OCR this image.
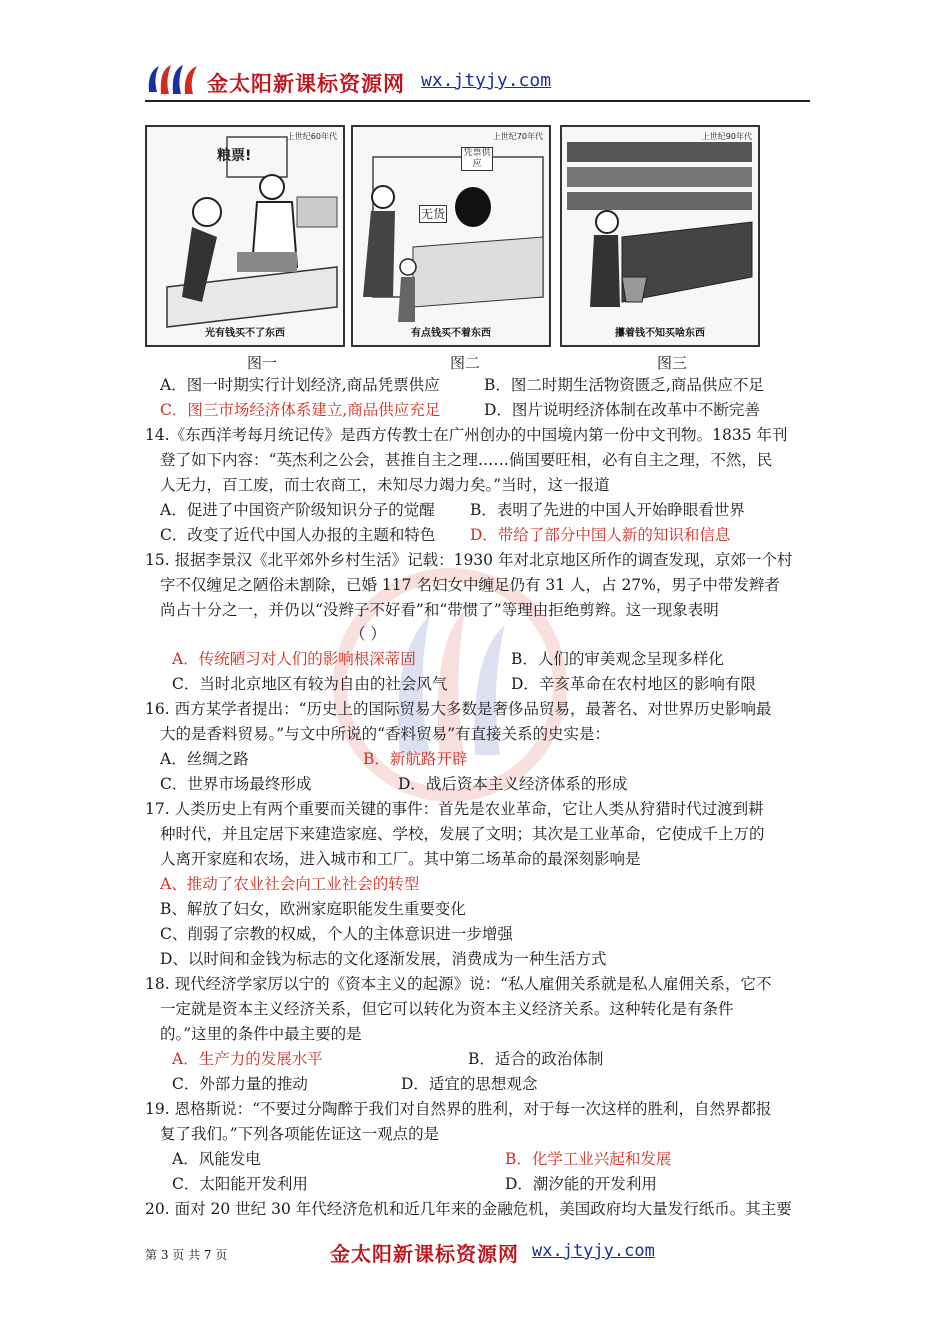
金太阳新课标资源网 wx.jtyjy.com
上世纪60年代
粮票!
光有钱买不了东西
上世纪70年代
凭票供应
无货
有点钱买不着东西
上世纪90年代
攥着钱不知买啥东西
图一	图二	图三
A．图一时期实行计划经济,商品凭票供应	B．图二时期生活物资匮乏,商品供应不足
C．图三市场经济体系建立,商品供应充足	D．图片说明经济体制在改革中不断完善
14.《东西洋考每月统记传》是西方传教士在广州创办的中国境内第一份中文刊物。1835 年刊
登了如下内容：“英杰利之公会，甚推自主之理……倘国要旺相，必有自主之理，不然，民
人无力，百工废，而士农商工，未知尽力竭力矣。”当时，这一报道
A．促进了中国资产阶级知识分子的觉醒 B．表明了先进的中国人开始睁眼看世界
C．改变了近代中国人办报的主题和特色 D．带给了部分中国人新的知识和信息
15. 报据李景汉《北平郊外乡村生活》记载：1930 年对北京地区所作的调查发现，京郊一个村
字不仅缠足之陋俗未割除，已婚 117 名妇女中缠足仍有 31 人，占 27%，男子中带发辫者
尚占十分之一，并仍以“没辫子不好看”和“带惯了”等理由拒绝剪辫。这一现象表明
（ ）
A．传统陋习对人们的影响根深蒂固	B．人们的审美观念呈现多样化
C．当时北京地区有较为自由的社会风气	D．辛亥革命在农村地区的影响有限
16. 西方某学者提出：“历史上的国际贸易大多数是奢侈品贸易，最著名、对世界历史影响最
大的是香料贸易。”与文中所说的“香料贸易”有直接关系的史实是：
A．丝绸之路	B．新航路开辟
C．世界市场最终形成	D．战后资本主义经济体系的形成
17. 人类历史上有两个重要而关键的事件：首先是农业革命，它让人类从狩猎时代过渡到耕
种时代，并且定居下来建造家庭、学校，发展了文明；其次是工业革命，它使成千上万的
人离开家庭和农场，进入城市和工厂。其中第二场革命的最深刻影响是
A、推动了农业社会向工业社会的转型
B、解放了妇女，欧洲家庭职能发生重要变化
C、削弱了宗教的权威，个人的主体意识进一步增强
D、以时间和金钱为标志的文化逐渐发展，消费成为一种生活方式
18. 现代经济学家厉以宁的《资本主义的起源》说：“私人雇佣关系就是私人雇佣关系，它不
一定就是资本主义经济关系，但它可以转化为资本主义经济关系。这种转化是有条件
的。”这里的条件中最主要的是
A．生产力的发展水平	B．适合的政治体制
C．外部力量的推动	D．适宜的思想观念
19. 恩格斯说：“不要过分陶醉于我们对自然界的胜利，对于每一次这样的胜利，自然界都报
复了我们。”下列各项能佐证这一观点的是
A．风能发电	B．化学工业兴起和发展
C．太阳能开发利用	D．潮汐能的开发利用
20. 面对 20 世纪 30 年代经济危机和近几年来的金融危机，美国政府均大量发行纸币。其主要
第 3 页 共 7 页	金太阳新课标资源网 wx.jtyjy.com
